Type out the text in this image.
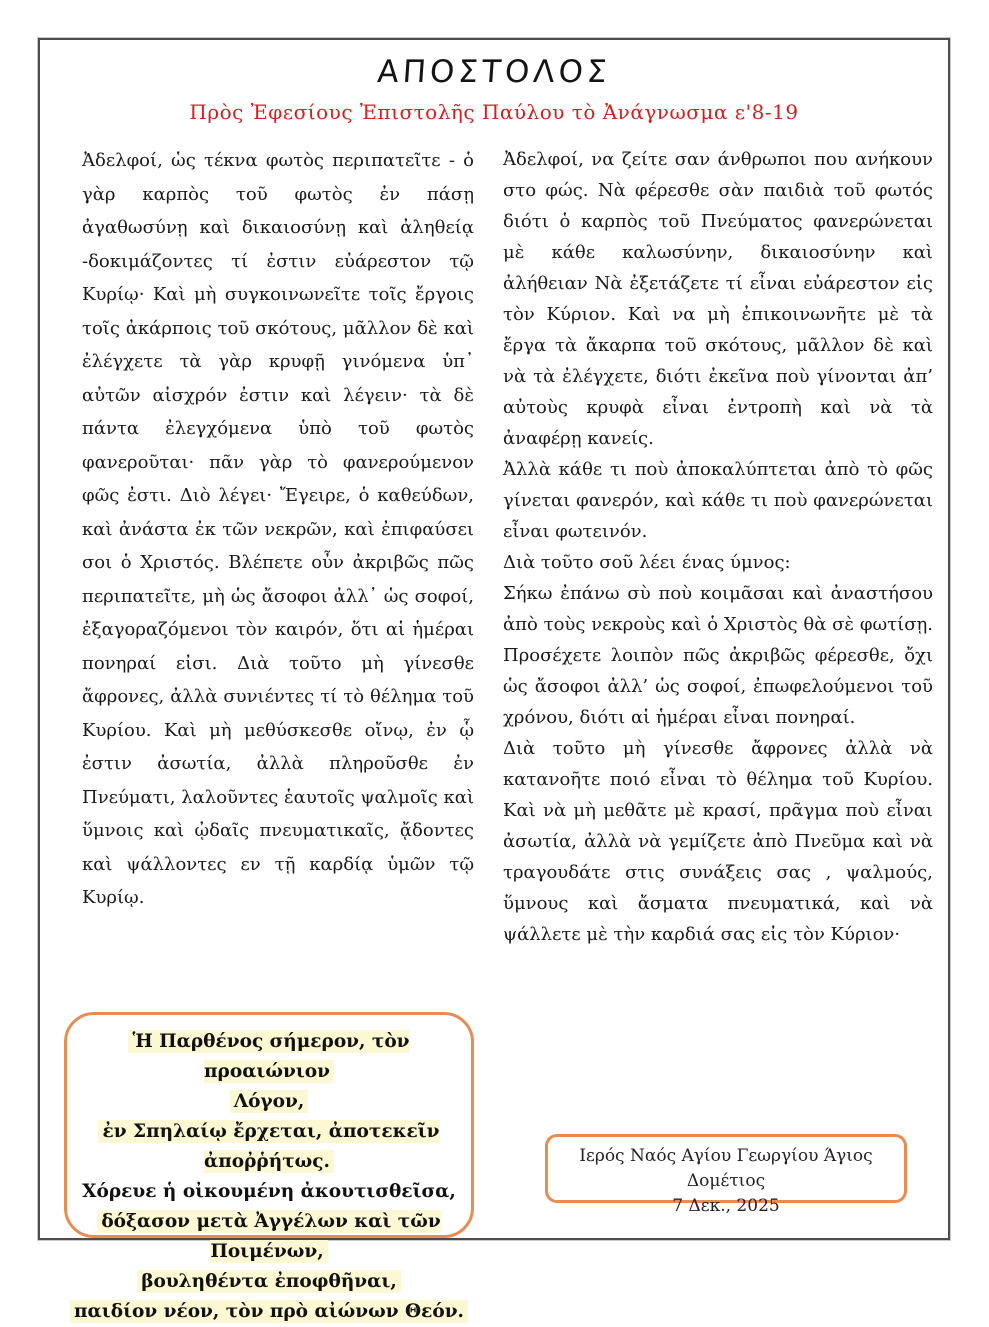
ΑΠΟΣΤΟΛΟΣ
Πρὸς Ἐφεσίους Ἐπιστολῆς Παύλου τὸ Ἀνάγνωσμα ε'8-19

Ἀδελφοί, ὡς τέκνα φωτὸς περιπατεῖτε - ὁ γὰρ καρπὸς τοῦ φωτὸς ἐν πάσῃ ἀγαθωσύνῃ καὶ δικαιοσύνῃ καὶ ἀληθείᾳ -δοκιμάζοντες τί ἐστιν εὐάρεστον τῷ Κυρίῳ· Καὶ μὴ συγκοινωνεῖτε τοῖς ἔργοις τοῖς ἀκάρποις τοῦ σκότους, μᾶλλον δὲ καὶ ἐλέγχετε τὰ γὰρ κρυφῇ γινόμενα ὑπ᾽ αὐτῶν αἰσχρόν ἐστιν καὶ λέγειν· τὰ δὲ πάντα ἐλεγχόμενα ὑπὸ τοῦ φωτὸς φανεροῦται· πᾶν γὰρ τὸ φανερούμενον φῶς ἐστι. Διὸ λέγει· Ἔγειρε, ὁ καθεύδων, καὶ ἀνάστα ἐκ τῶν νεκρῶν, καὶ ἐπιφαύσει σοι ὁ Χριστός. Βλέπετε οὖν ἀκριβῶς πῶς περιπατεῖτε, μὴ ὡς ἄσοφοι ἀλλ᾽ ὡς σοφοί, ἐξαγοραζόμενοι τὸν καιρόν, ὅτι αἱ ἡμέραι πονηραί εἰσι. Διὰ τοῦτο μὴ γίνεσθε ἄφρονες, ἀλλὰ συνιέντες τί τὸ θέλημα τοῦ Κυρίου. Καὶ μὴ μεθύσκεσθε οἴνῳ, ἐν ᾧ ἐστιν ἀσωτία, ἀλλὰ πληροῦσθε ἐν Πνεύματι, λαλοῦντες ἑαυτοῖς ψαλμοῖς καὶ ὕμνοις καὶ ᾠδαῖς πνευματικαῖς, ᾄδοντες καὶ ψάλλοντες εν τῇ καρδίᾳ ὑμῶν τῷ Κυρίῳ.

Ἀδελφοί, να ζείτε σαν άνθρωποι που ανήκουν στο φώς. Νὰ φέρεσθε σὰν παιδιὰ τοῦ φωτός διότι ὁ καρπὸς τοῦ Πνεύματος φανερώνεται μὲ κάθε καλωσύνην, δικαιοσύνην καὶ ἀλήθειαν Νὰ ἐξετάζετε τί εἶναι εὐάρεστον εἰς τὸν Κύριον. Καὶ να μὴ ἐπικοινωνῆτε μὲ τὰ ἔργα τὰ ἄκαρπα τοῦ σκότους, μᾶλλον δὲ καὶ νὰ τὰ ἐλέγχετε, διότι ἐκεῖνα ποὺ γίνονται ἀπ’ αὐτοὺς κρυφὰ εἶναι ἐντροπὴ καὶ νὰ τὰ ἀναφέρῃ κανείς.

Ἀλλὰ κάθε τι ποὺ ἀποκαλύπτεται ἀπὸ τὸ φῶς γίνεται φανερόν, καὶ κάθε τι ποὺ φανερώνεται εἶναι φωτεινόν.

Διὰ τοῦτο σοῦ λέει ένας ύμνος:

Σήκω ἐπάνω σὺ ποὺ κοιμᾶσαι καὶ ἀναστήσου ἀπὸ τοὺς νεκροὺς καὶ ὁ Χριστὸς θὰ σὲ φωτίσῃ. Προσέχετε λοιπὸν πῶς ἀκριβῶς φέρεσθε, ὄχι ὡς ἄσοφοι ἀλλ’ ὡς σοφοί, ἐπωφελούμενοι τοῦ χρόνου, διότι αἱ ἡμέραι εἶναι πονηραί.

Διὰ τοῦτο μὴ γίνεσθε ἄφρονες ἀλλὰ νὰ κατανοῆτε ποιό εἶναι τὸ θέλημα τοῦ Κυρίου. Καὶ νὰ μὴ μεθᾶτε μὲ κρασί, πρᾶγμα ποὺ εἶναι ἀσωτία, ἀλλὰ νὰ γεμίζετε ἀπὸ Πνεῦμα καὶ νὰ τραγουδάτε στις συνάξεις σας , ψαλμούς, ὕμνους καὶ ἄσματα πνευματικά, καὶ νὰ ψάλλετε μὲ τὴν καρδιά σας εἰς τὸν Κύριον·

Ἡ Παρθένος σήμερον, τὸν προαιώνιον
Λόγον,
ἐν Σπηλαίῳ ἔρχεται, ἀποτεκεῖν ἀποῤῥήτως.
Χόρευε ἡ οἰκουμένη ἀκουτισθεῖσα,
δόξασον μετὰ Ἀγγέλων καὶ τῶν Ποιμένων,
βουληθέντα ἐποφθῆναι,
παιδίον νέον, τὸν πρὸ αἰώνων Θεόν.
Ιερός Ναός Αγίου Γεωργίου Άγιος Δομέτιος
7 Δεκ., 2025
